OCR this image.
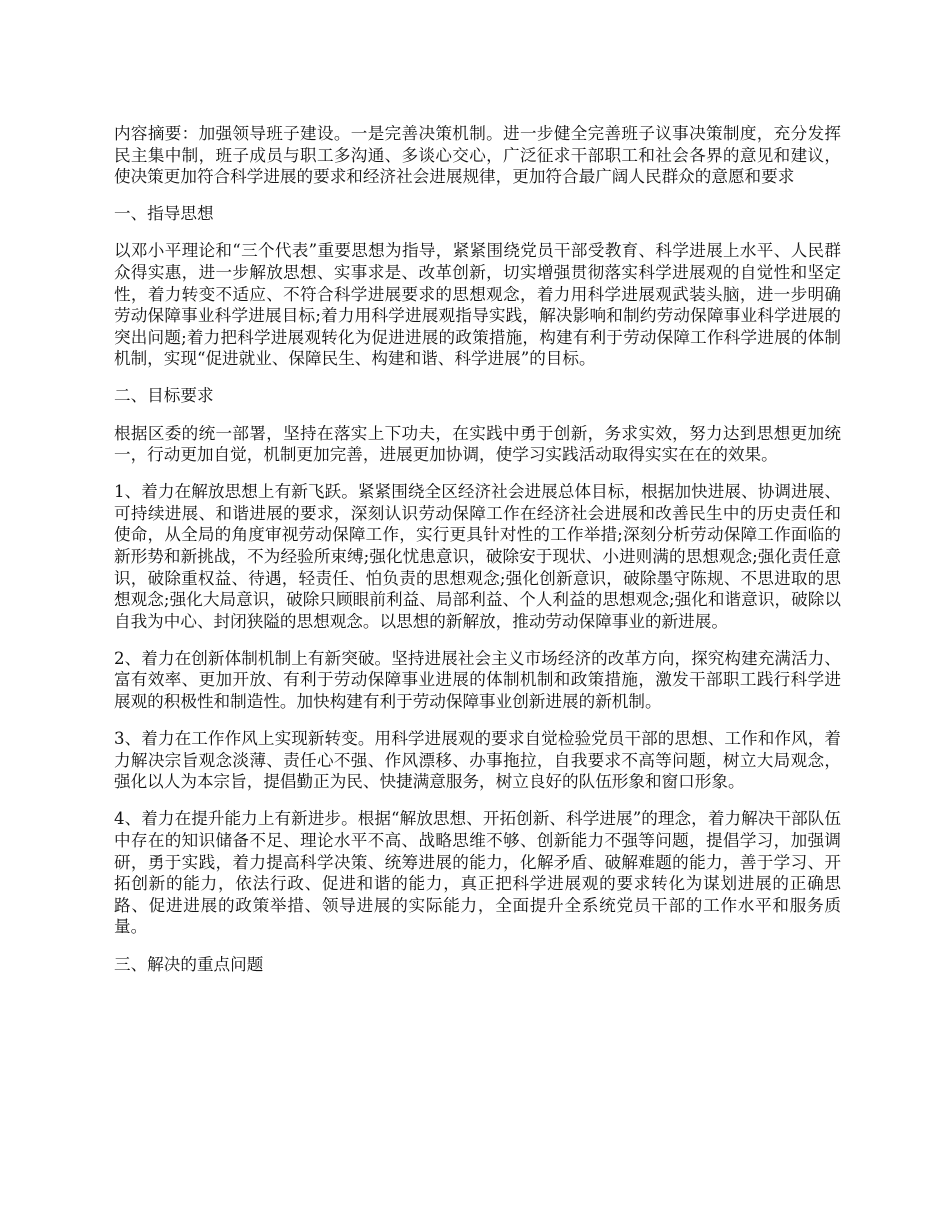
内容摘要：加强领导班子建设。一是完善决策机制。进一步健全完善班子议事决策制度，充分发挥民主集中制，班子成员与职工多沟通、多谈心交心，广泛征求干部职工和社会各界的意见和建议，使决策更加符合科学进展的要求和经济社会进展规律，更加符合最广阔人民群众的意愿和要求

一、指导思想

以邓小平理论和“三个代表”重要思想为指导，紧紧围绕党员干部受教育、科学进展上水平、人民群众得实惠，进一步解放思想、实事求是、改革创新，切实增强贯彻落实科学进展观的自觉性和坚定性，着力转变不适应、不符合科学进展要求的思想观念，着力用科学进展观武装头脑，进一步明确劳动保障事业科学进展目标;着力用科学进展观指导实践，解决影响和制约劳动保障事业科学进展的突出问题;着力把科学进展观转化为促进进展的政策措施，构建有利于劳动保障工作科学进展的体制机制，实现“促进就业、保障民生、构建和谐、科学进展”的目标。

二、目标要求

根据区委的统一部署，坚持在落实上下功夫，在实践中勇于创新，务求实效，努力达到思想更加统一，行动更加自觉，机制更加完善，进展更加协调，使学习实践活动取得实实在在的效果。

1、着力在解放思想上有新飞跃。紧紧围绕全区经济社会进展总体目标，根据加快进展、协调进展、可持续进展、和谐进展的要求，深刻认识劳动保障工作在经济社会进展和改善民生中的历史责任和使命，从全局的角度审视劳动保障工作，实行更具针对性的工作举措;深刻分析劳动保障工作面临的新形势和新挑战，不为经验所束缚;强化忧患意识，破除安于现状、小进则满的思想观念;强化责任意识，破除重权益、待遇，轻责任、怕负责的思想观念;强化创新意识，破除墨守陈规、不思进取的思想观念;强化大局意识，破除只顾眼前利益、局部利益、个人利益的思想观念;强化和谐意识，破除以自我为中心、封闭狭隘的思想观念。以思想的新解放，推动劳动保障事业的新进展。

2、着力在创新体制机制上有新突破。坚持进展社会主义市场经济的改革方向，探究构建充满活力、富有效率、更加开放、有利于劳动保障事业进展的体制机制和政策措施，激发干部职工践行科学进展观的积极性和制造性。加快构建有利于劳动保障事业创新进展的新机制。

3、着力在工作作风上实现新转变。用科学进展观的要求自觉检验党员干部的思想、工作和作风，着力解决宗旨观念淡薄、责任心不强、作风漂移、办事拖拉，自我要求不高等问题，树立大局观念，强化以人为本宗旨，提倡勤正为民、快捷满意服务，树立良好的队伍形象和窗口形象。

4、着力在提升能力上有新进步。根据“解放思想、开拓创新、科学进展”的理念，着力解决干部队伍中存在的知识储备不足、理论水平不高、战略思维不够、创新能力不强等问题，提倡学习，加强调研，勇于实践，着力提高科学决策、统筹进展的能力，化解矛盾、破解难题的能力，善于学习、开拓创新的能力，依法行政、促进和谐的能力，真正把科学进展观的要求转化为谋划进展的正确思路、促进进展的政策举措、领导进展的实际能力，全面提升全系统党员干部的工作水平和服务质量。

三、解决的重点问题
